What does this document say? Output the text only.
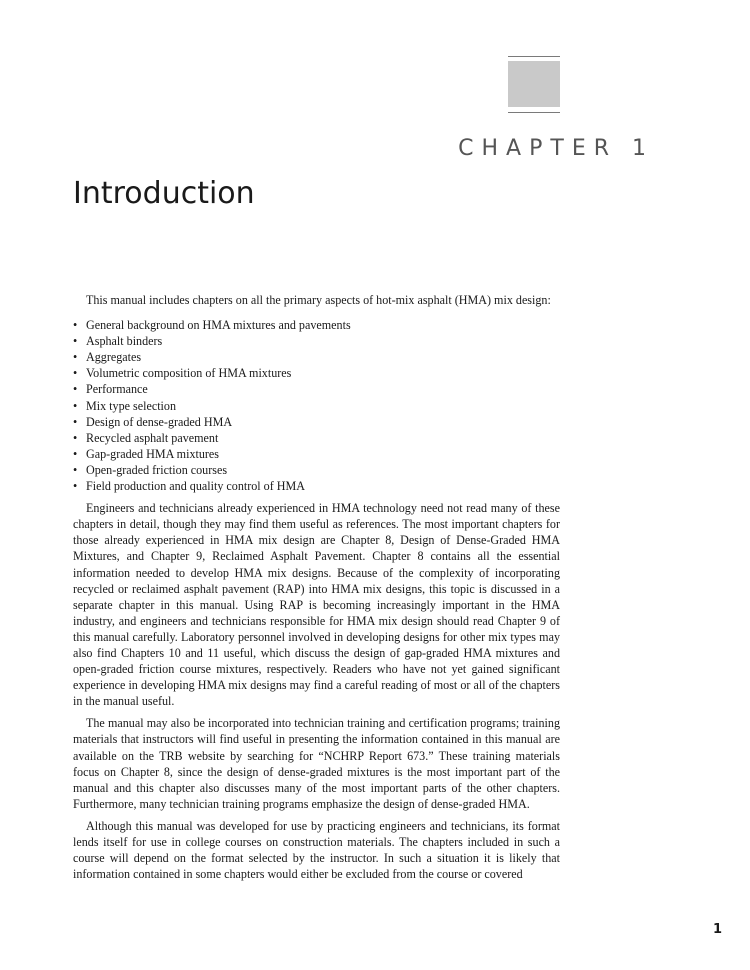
CHAPTER 1
Introduction

This manual includes chapters on all the primary aspects of hot-mix asphalt (HMA) mix design:

• General background on HMA mixtures and pavements
• Asphalt binders
• Aggregates
• Volumetric composition of HMA mixtures
• Performance
• Mix type selection
• Design of dense-graded HMA
• Recycled asphalt pavement
• Gap-graded HMA mixtures
• Open-graded friction courses
• Field production and quality control of HMA

Engineers and technicians already experienced in HMA technology need not read many of these chapters in detail, though they may find them useful as references. The most important chapters for those already experienced in HMA mix design are Chapter 8, Design of Dense-Graded HMA Mixtures, and Chapter 9, Reclaimed Asphalt Pavement. Chapter 8 contains all the essential information needed to develop HMA mix designs. Because of the complexity of incorporating recycled or reclaimed asphalt pavement (RAP) into HMA mix designs, this topic is discussed in a separate chapter in this manual. Using RAP is becoming increasingly important in the HMA industry, and engineers and technicians responsible for HMA mix design should read Chapter 9 of this manual carefully. Laboratory personnel involved in developing designs for other mix types may also find Chapters 10 and 11 useful, which discuss the design of gap-graded HMA mixtures and open-graded friction course mixtures, respectively. Readers who have not yet gained significant experience in developing HMA mix designs may find a careful reading of most or all of the chapters in the manual useful.

The manual may also be incorporated into technician training and certification programs; training materials that instructors will find useful in presenting the information contained in this manual are available on the TRB website by searching for “NCHRP Report 673.” These training materials focus on Chapter 8, since the design of dense-graded mixtures is the most important part of the manual and this chapter also discusses many of the most important parts of the other chapters. Furthermore, many technician training programs emphasize the design of dense-graded HMA.

Although this manual was developed for use by practicing engineers and technicians, its format lends itself for use in college courses on construction materials. The chapters included in such a course will depend on the format selected by the instructor. In such a situation it is likely that information contained in some chapters would either be excluded from the course or covered

1
